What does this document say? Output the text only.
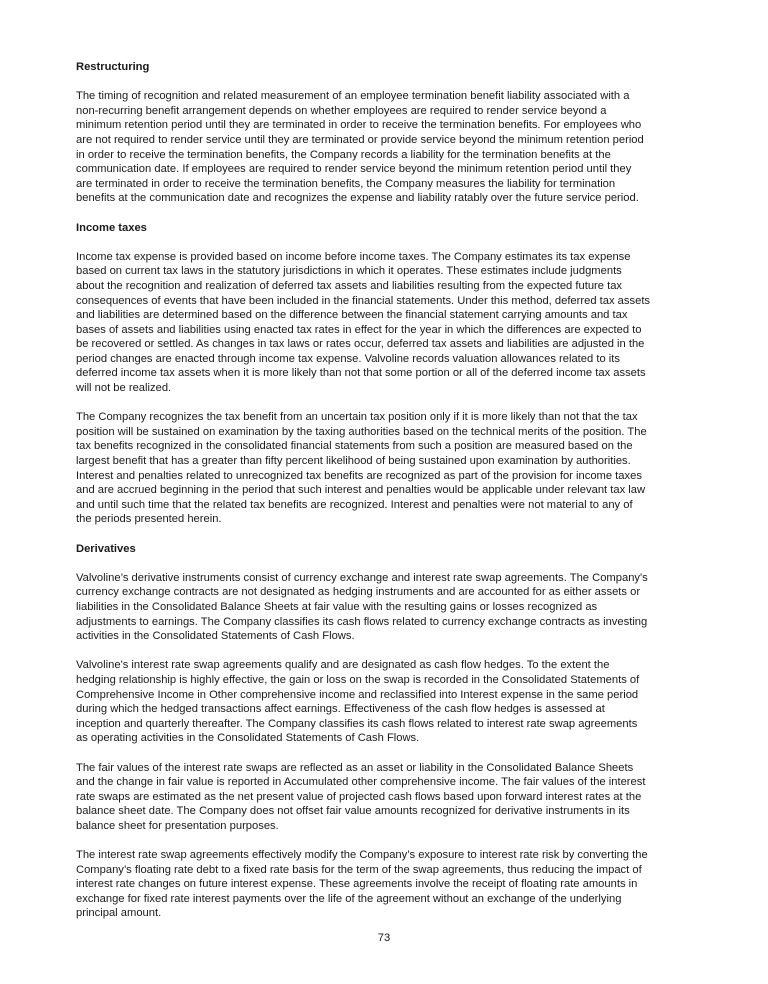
Restructuring
The timing of recognition and related measurement of an employee termination benefit liability associated with a
non-recurring benefit arrangement depends on whether employees are required to render service beyond a
minimum retention period until they are terminated in order to receive the termination benefits. For employees who
are not required to render service until they are terminated or provide service beyond the minimum retention period
in order to receive the termination benefits, the Company records a liability for the termination benefits at the
communication date. If employees are required to render service beyond the minimum retention period until they
are terminated in order to receive the termination benefits, the Company measures the liability for termination
benefits at the communication date and recognizes the expense and liability ratably over the future service period.
Income taxes
Income tax expense is provided based on income before income taxes. The Company estimates its tax expense
based on current tax laws in the statutory jurisdictions in which it operates. These estimates include judgments
about the recognition and realization of deferred tax assets and liabilities resulting from the expected future tax
consequences of events that have been included in the financial statements. Under this method, deferred tax assets
and liabilities are determined based on the difference between the financial statement carrying amounts and tax
bases of assets and liabilities using enacted tax rates in effect for the year in which the differences are expected to
be recovered or settled. As changes in tax laws or rates occur, deferred tax assets and liabilities are adjusted in the
period changes are enacted through income tax expense. Valvoline records valuation allowances related to its
deferred income tax assets when it is more likely than not that some portion or all of the deferred income tax assets
will not be realized.
The Company recognizes the tax benefit from an uncertain tax position only if it is more likely than not that the tax
position will be sustained on examination by the taxing authorities based on the technical merits of the position. The
tax benefits recognized in the consolidated financial statements from such a position are measured based on the
largest benefit that has a greater than fifty percent likelihood of being sustained upon examination by authorities.
Interest and penalties related to unrecognized tax benefits are recognized as part of the provision for income taxes
and are accrued beginning in the period that such interest and penalties would be applicable under relevant tax law
and until such time that the related tax benefits are recognized. Interest and penalties were not material to any of
the periods presented herein.
Derivatives
Valvoline’s derivative instruments consist of currency exchange and interest rate swap agreements. The Company's
currency exchange contracts are not designated as hedging instruments and are accounted for as either assets or
liabilities in the Consolidated Balance Sheets at fair value with the resulting gains or losses recognized as
adjustments to earnings. The Company classifies its cash flows related to currency exchange contracts as investing
activities in the Consolidated Statements of Cash Flows.
Valvoline's interest rate swap agreements qualify and are designated as cash flow hedges. To the extent the
hedging relationship is highly effective, the gain or loss on the swap is recorded in the Consolidated Statements of
Comprehensive Income in Other comprehensive income and reclassified into Interest expense in the same period
during which the hedged transactions affect earnings. Effectiveness of the cash flow hedges is assessed at
inception and quarterly thereafter. The Company classifies its cash flows related to interest rate swap agreements
as operating activities in the Consolidated Statements of Cash Flows.
The fair values of the interest rate swaps are reflected as an asset or liability in the Consolidated Balance Sheets
and the change in fair value is reported in Accumulated other comprehensive income. The fair values of the interest
rate swaps are estimated as the net present value of projected cash flows based upon forward interest rates at the
balance sheet date. The Company does not offset fair value amounts recognized for derivative instruments in its
balance sheet for presentation purposes.
The interest rate swap agreements effectively modify the Company’s exposure to interest rate risk by converting the
Company’s floating rate debt to a fixed rate basis for the term of the swap agreements, thus reducing the impact of
interest rate changes on future interest expense. These agreements involve the receipt of floating rate amounts in
exchange for fixed rate interest payments over the life of the agreement without an exchange of the underlying
principal amount.
73
